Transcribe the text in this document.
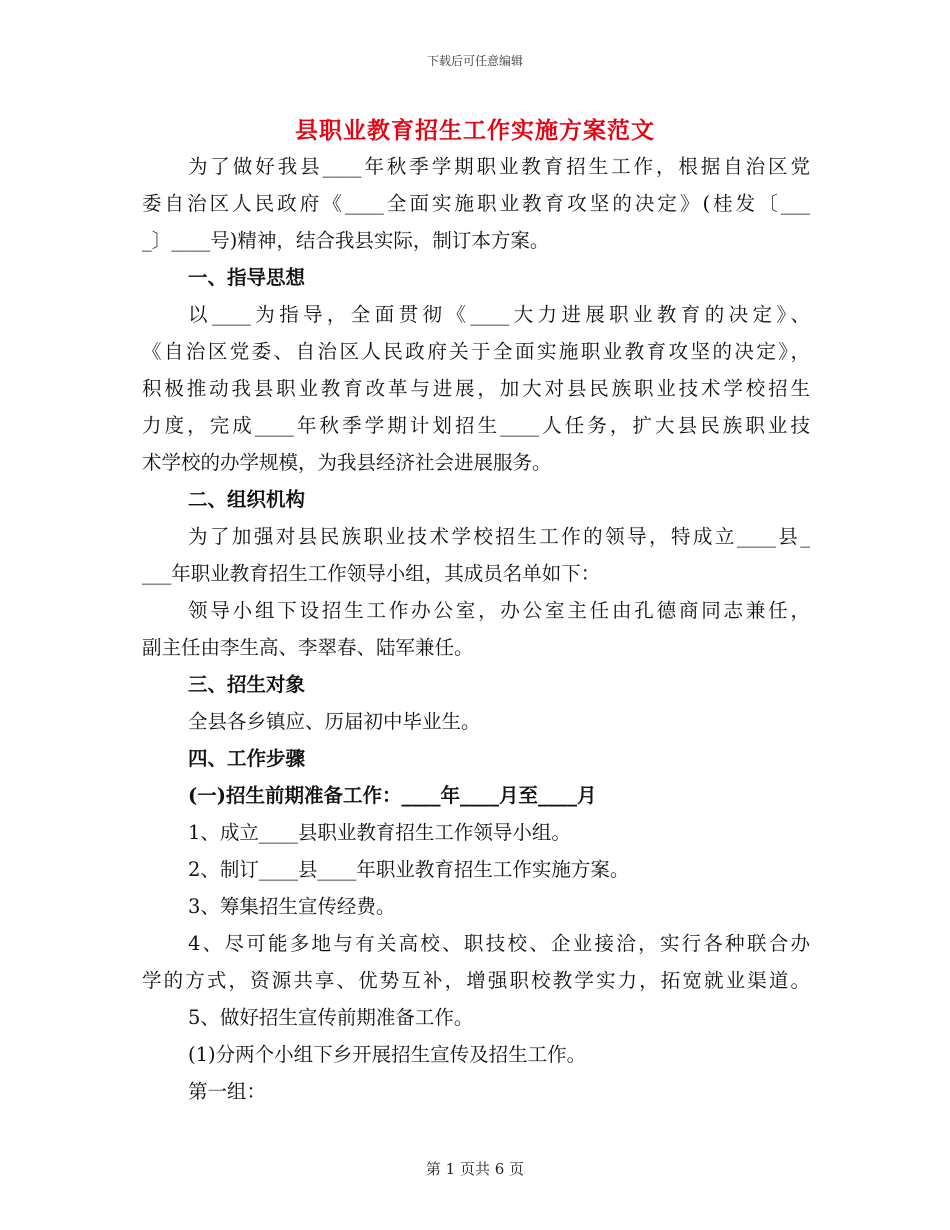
下载后可任意编辑
县职业教育招生工作实施方案范文
为了做好我县____年秋季学期职业教育招生工作，根据自治区党
委自治区人民政府《____全面实施职业教育攻坚的决定》(桂发〔___
_〕____号)精神，结合我县实际，制订本方案。
一、指导思想
以____为指导，全面贯彻《____大力进展职业教育的决定》、
《自治区党委、自治区人民政府关于全面实施职业教育攻坚的决定》，
积极推动我县职业教育改革与进展，加大对县民族职业技术学校招生
力度，完成____年秋季学期计划招生____人任务，扩大县民族职业技
术学校的办学规模，为我县经济社会进展服务。
二、组织机构
为了加强对县民族职业技术学校招生工作的领导，特成立____县_
___年职业教育招生工作领导小组，其成员名单如下：
领导小组下设招生工作办公室，办公室主任由孔德商同志兼任，
副主任由李生高、李翠春、陆军兼任。
三、招生对象
全县各乡镇应、历届初中毕业生。
四、工作步骤
(一)招生前期准备工作：____年____月至____月
1、成立____县职业教育招生工作领导小组。
2、制订____县____年职业教育招生工作实施方案。
3、筹集招生宣传经费。
4、尽可能多地与有关高校、职技校、企业接洽，实行各种联合办
学的方式，资源共享、优势互补，增强职校教学实力，拓宽就业渠道。
5、做好招生宣传前期准备工作。
(1)分两个小组下乡开展招生宣传及招生工作。
第一组：
第 1 页共 6 页
